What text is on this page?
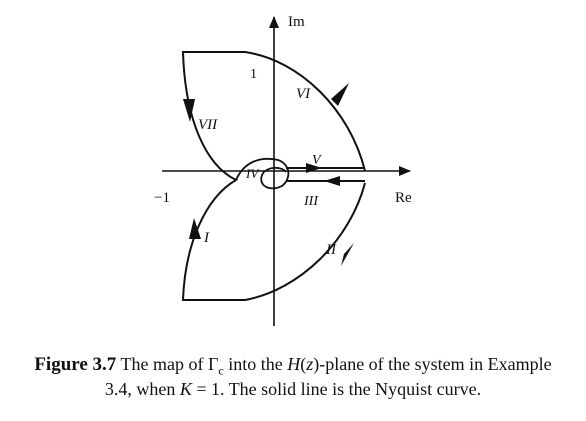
Im
Re
−1
1
VI
VII
V
IV
III
I
II
Figure 3.7 The map of $\Gamma_c$ into the H(z)-plane of the system in Example
3.4, when K = 1. The solid line is the Nyquist curve.
